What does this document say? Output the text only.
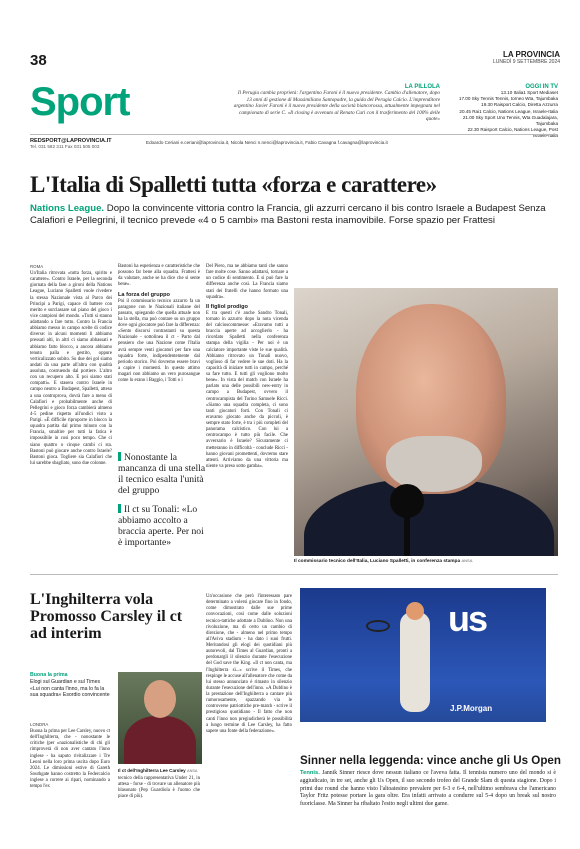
38	LA PROVINCIA
LUNEDÌ 9 SETTEMBRE 2024
Sport	LA PILLOLA
Il Perugia cambia proprietà: l'argentino Faroni è il nuovo presidente. Cambio d'allenatore, dopo 13 anni di gestione di Massimiliano Santopadre, la guida del Perugia Calcio. L'imprenditore argentino Javier Faroni è il nuovo presidente della società biancorossa, attualmente impegnata nel campionato di serie C. «Il closing è avvenuto al Renato Curi con il trasferimento del 100% delle quote»
OGGI IN TV
13.10 Italia1 Sport Mediaset
17.00 Sky Tennis Tennis, torneo Wta, Tajumbaka
19.30 Raisport Calcio, Diretta Azzurra
20.45 Rai1 Calcio, Nations League, Israele-Italia
21.00 Sky Sport Uno Tennis, Wta Guadalajara, Tajumbaka
22.30 Raisport Calcio, Nations League, Post Israele-Italia
REDSPORT@LAPROVINCIA.IT
Tel. 031 582 311 Fax 031 505 003
Edoardo Ceriani e.ceriani@laprovincia.it, Nicola Nenci n.nenci@laprovincia.it, Fabio Cavagna f.cavagna@laprovincia.it
L'Italia di Spalletti tutta «forza e carattere»
Nations League. Dopo la convincente vittoria contro la Francia, gli azzurri cercano il bis contro Israele a Budapest Senza Calafiori e Pellegrini, il tecnico prevede «4 o 5 cambi» ma Bastoni resta inamovibile. Forse spazio per Frattesi
ROMA
Un'Italia ritrovata «tutta forza, spirito e carattere». Contro Israele, per la seconda giornata della fase a gironi della Nations League, Luciano Spalletti vuole rivedere la stessa Nazionale vista al Parco dei Principi a Parigi, capace di battere con merito e surclassare sul piano del gioco i vice campioni del mondo. «Tutti si stanno adattando a fare tutto. Contro la Francia abbiamo messo in campo scelte di codice diverse: in alcuni momenti li abbiamo pressati alti, in altri ci siamo abbassati e abbiamo fatto blocco, a ancora abbiamo tenuto palla e gestito, oppure verticalizzato subito. Su due dei gol siamo andati da una parte all'altra con qualità assoluta, costruendo dal portiere. L'altro con un recupero alto. E poi siamo stati compatti». E stasera contro Israele in campo neutro a Budapest, Spalletti, atteso a una controprova, dovrà fare a meno di Calafiori e probabilmente anche di Pellegrini e gioco forza cambierà almeno 4-5 pedine rispetto all'undici visto a Parigi. «È difficile riproporre in blocco la squadra partita dal primo minuto con la Francia, smaltire per tutti la fatica è impossibile in così poco tempo. Che ci siano quattro o cinque cambi ci sta. Bastoni può giocare anche contro Israele? Bastoni gioca. Togliere sia Calafiori che lui sarebbe sbagliato, sono due colonne.
Bastoni ha esperienza e caratteristiche che possono far bene alla squadra. Frattesi è da valutare, anche se ha dice che si sente bene».
La forza del gruppo
Poi il commissario tecnico azzurro fa un paragone con le Nazionali italiane del passato, spiegando che quella attuale non ha la stella, ma può contare su un gruppo dove ogni giocatore può fare la differenza: «Sento discorsi contrastanti su questa Nazionale - sottolinea il ct - Parto dal pensiero che una Nazione come l'Italia avrà sempre venti giocatori per fare una squadra forte, indipendentemente dal periodo storico. Poi dovremo essere bravi a capire i momenti. In questo attimo magari non abbiamo un vero purosangue come lo erano i Baggio, i Totti o i
Nonostante la mancanza di una stella il tecnico esalta l'unità del gruppo
Il ct su Tonali: «Lo abbiamo accolto a braccia aperte. Per noi è importante»
Del Piero, ma ne abbiamo tanti che sanno fare molte cose. Sanno adattarsi, tornare a un codice di sentimento. E si può fare la differenza anche così. La Francia siamo stati dei fratelli che hanno formato una squadra».
Il figliol prodigo
E tra questi c'è anche Sandro Tonali, tornato in azzurro dopo la nota vicenda del calcioscommesse: «Eravamo tutti a braccia aperte ad accoglierlo - ha ricordato Spalletti nella conferenza stampa della vigilia - Per noi è un calciatore importante viste le sue qualità. Abbiamo ritrovato un Tonali nuovo, voglioso di far vedere le sue doti. Ha la capacità di iniziare tutti in campo, perché sa fare tutto. E tutti gli vogliono molto bene». In vista del match con Israele ha parlato una delle possibili new-entry in campo a Budapest, ovvero il centrocampista del Torino Samuele Ricci. «Siamo una squadra completa, ci sono tanti giocatori forti. Con Tonali ci eravamo giocato anche da piccoli, è sempre stato forte, è tra i più completi del panorama calcistico. Con lui a centrocampo è tutto più facile. Che avversario è Israele? Sicuramente ci metteranno in difficoltà - conclude Ricci - hanno giovani promettenti, dovremo stare attenti. Arriviamo da una vittoria ma niente va preso sotto gamba».
Il commissario tecnico dell'Italia, Luciano Spalletti, in conferenza stampa ANSA
L'Inghilterra vola Promosso Carsley il ct ad interim
Buona la prima
Elogi sul Guardian e sul Times «Lui non canta l'inno, ma lo fa la sua squadra» Esordio convincente
LONDRA
Buona la prima per Lee Carsley, nuovo ct dell'Inghilterra, che - nonostante le critiche (per «nazionalistiche di chi gli rimproverà di non aver cantato l'inno inglese - ha saputo rivitalizzare i Tre Leoni nella loro prima uscita dopo Euro 2024. Le dimissioni estive di Gareth Southgate hanno costretto la Federcalcio inglese a correre ai ripari, nominando a tempo l'ex
Il ct dell'Inghilterra Lee Carsley ANSA
tecnico della rappresentativa Under 21, in attesa - forse - di trovare un allenatore più blasonato (Pep Guardiola è l'uomo che piace di più).
Un'occasione che però l'interessato pare determinato a volersi giocare fino in fondo, come dimostrato dalle sue prime convocazioni, così come dalle soluzioni tecnico-tattiche adottate a Dublino. Non una rivoluzione, ma di certo un cambio di direzione, che - almeno nel primo tempo all'Aviva stadium - ha dato i suoi frutti. Meritandosi gli elogi dei quotidiani più autorevoli, dal Times al Guardian, pronti a perdonargli il silenzio durante l'esecuzione del God save the King. «Il ct non canta, ma l'Inghilterra sì...» scrive il Times, che respinge le accuse all'allenatore che come da lui stesso annunciato è rimasto in silenzio durante l'esecuzione dell'inno. «A Dublino è la prestazione dell'Inghilterra a cantare più rumorosamente, spazzando via le controverse patriottiche pre-match - scrive il prestigioso quotidiano - Il fatto che non canti l'inno non pregiudicherà le possibilità a lungo termine di Lee Carsley, ha fatto sapere una fonte della federazione».
us
J.P.Morgan
Sinner nella leggenda: vince anche gli Us Open
Tennis. Jannik Sinner riesce dove nessun italiano ce l'aveva fatta. Il tennista numero uno del mondo si è aggiudicato, in tre set, anche gli Us Open, il suo secondo trofeo del Grande Slam di questa stagione. Dopo i primi due round che hanno visto l'altoatesino prevalere per 6-3 e 6-4, nell'ultimo sembrava che l'americano Taylor Fritz potesse portare la gara oltre. Era infatti arrivato a condurre sul 5-4 dopo un break sul nostro fuoriclasse. Ma Sinner ha ribaltato l'esito negli ultimi due game.
